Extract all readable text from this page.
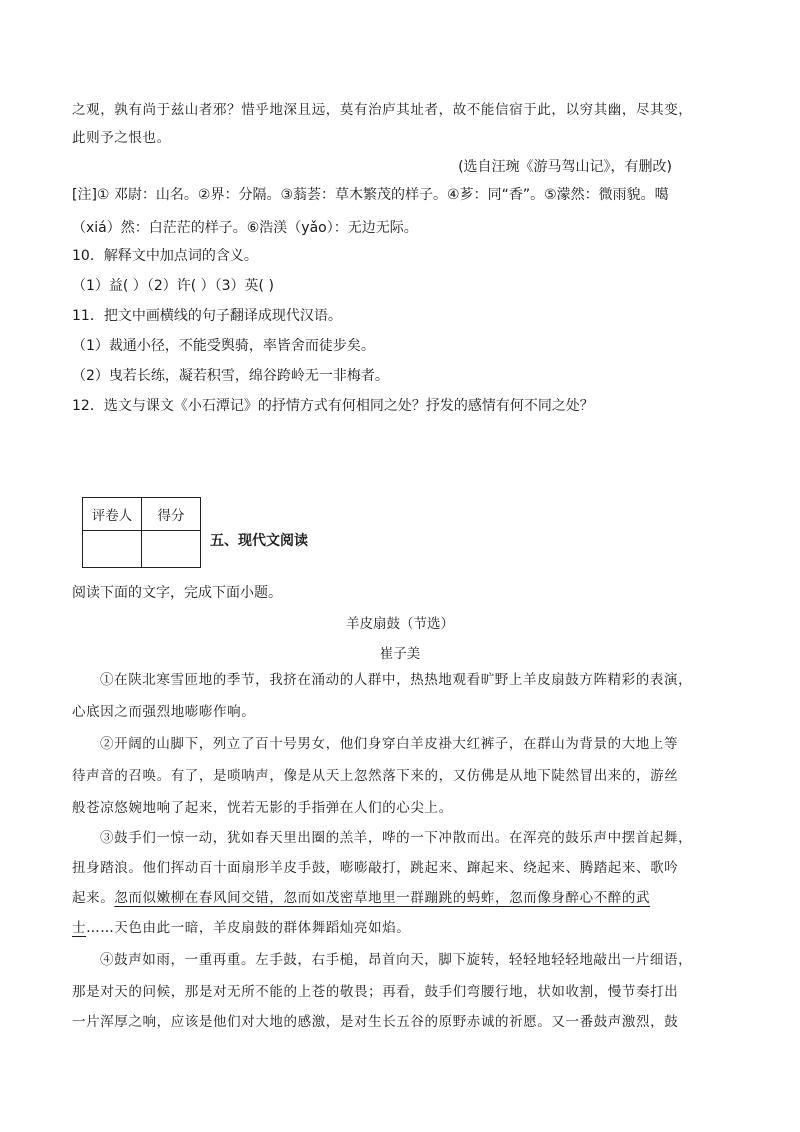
之观，孰有尚于兹山者邪？惜乎地深且远，莫有治庐其址者，故不能信宿于此，以穷其幽，尽其变，
此则予之恨也。
(选自汪琬《游马驾山记》，有删改)
[注]① 邓尉：山名。②界：分隔。③蓊荟：草木繁茂的样子。④芗：同“香”。⑤濛然：微雨貌。噶
（xiá）然：白茫茫的样子。⑥浩渼（yǎo）：无边无际。
10．解释文中加点词的含义。
（1）益( ）（2）许( ）（3）英( )
11．把文中画横线的句子翻译成现代汉语。
（1）裁通小径，不能受舆骑，率皆舍而徒步矣。
（2）曳若长练，凝若积雪，绵谷跨岭无一非梅者。
12．选文与课文《小石潭记》的抒情方式有何相同之处？抒发的感情有何不同之处？
评卷人	得分

五、现代文阅读
阅读下面的文字，完成下面小题。
羊皮扇鼓（节选）
崔子美
①在陕北寒雪匝地的季节，我挤在涌动的人群中，热热地观看旷野上羊皮扇鼓方阵精彩的表演，
心底因之而强烈地嘭嘭作响。
②开阔的山脚下，列立了百十号男女，他们身穿白羊皮褂大红裤子，在群山为背景的大地上等
待声音的召唤。有了，是唢呐声，像是从天上忽然落下来的，又仿佛是从地下陡然冒出来的，游丝
般苍凉悠婉地响了起来，恍若无影的手指弹在人们的心尖上。
③鼓手们一惊一动，犹如春天里出圈的羔羊，哗的一下冲散而出。在浑亮的鼓乐声中摆首起舞，
扭身踏浪。他们挥动百十面扇形羊皮手鼓，嘭嘭敲打，跳起来、蹿起来、绕起来、腾踏起来、歌吟
起来。忽而似嫩柳在春风间交错，忽而如茂密草地里一群蹦跳的蚂蚱，忽而像身醉心不醉的武
士……天色由此一暗，羊皮扇鼓的群体舞蹈灿亮如焰。
④鼓声如雨，一重再重。左手鼓，右手槌，昂首向天，脚下旋转，轻轻地轻轻地敲出一片细语，
那是对天的问候，那是对无所不能的上苍的敬畏；再看，鼓手们弯腰行地，状如收割，慢节奏打出
一片浑厚之响，应该是他们对大地的感激，是对生长五谷的原野赤诚的祈愿。又一番鼓声激烈，鼓
